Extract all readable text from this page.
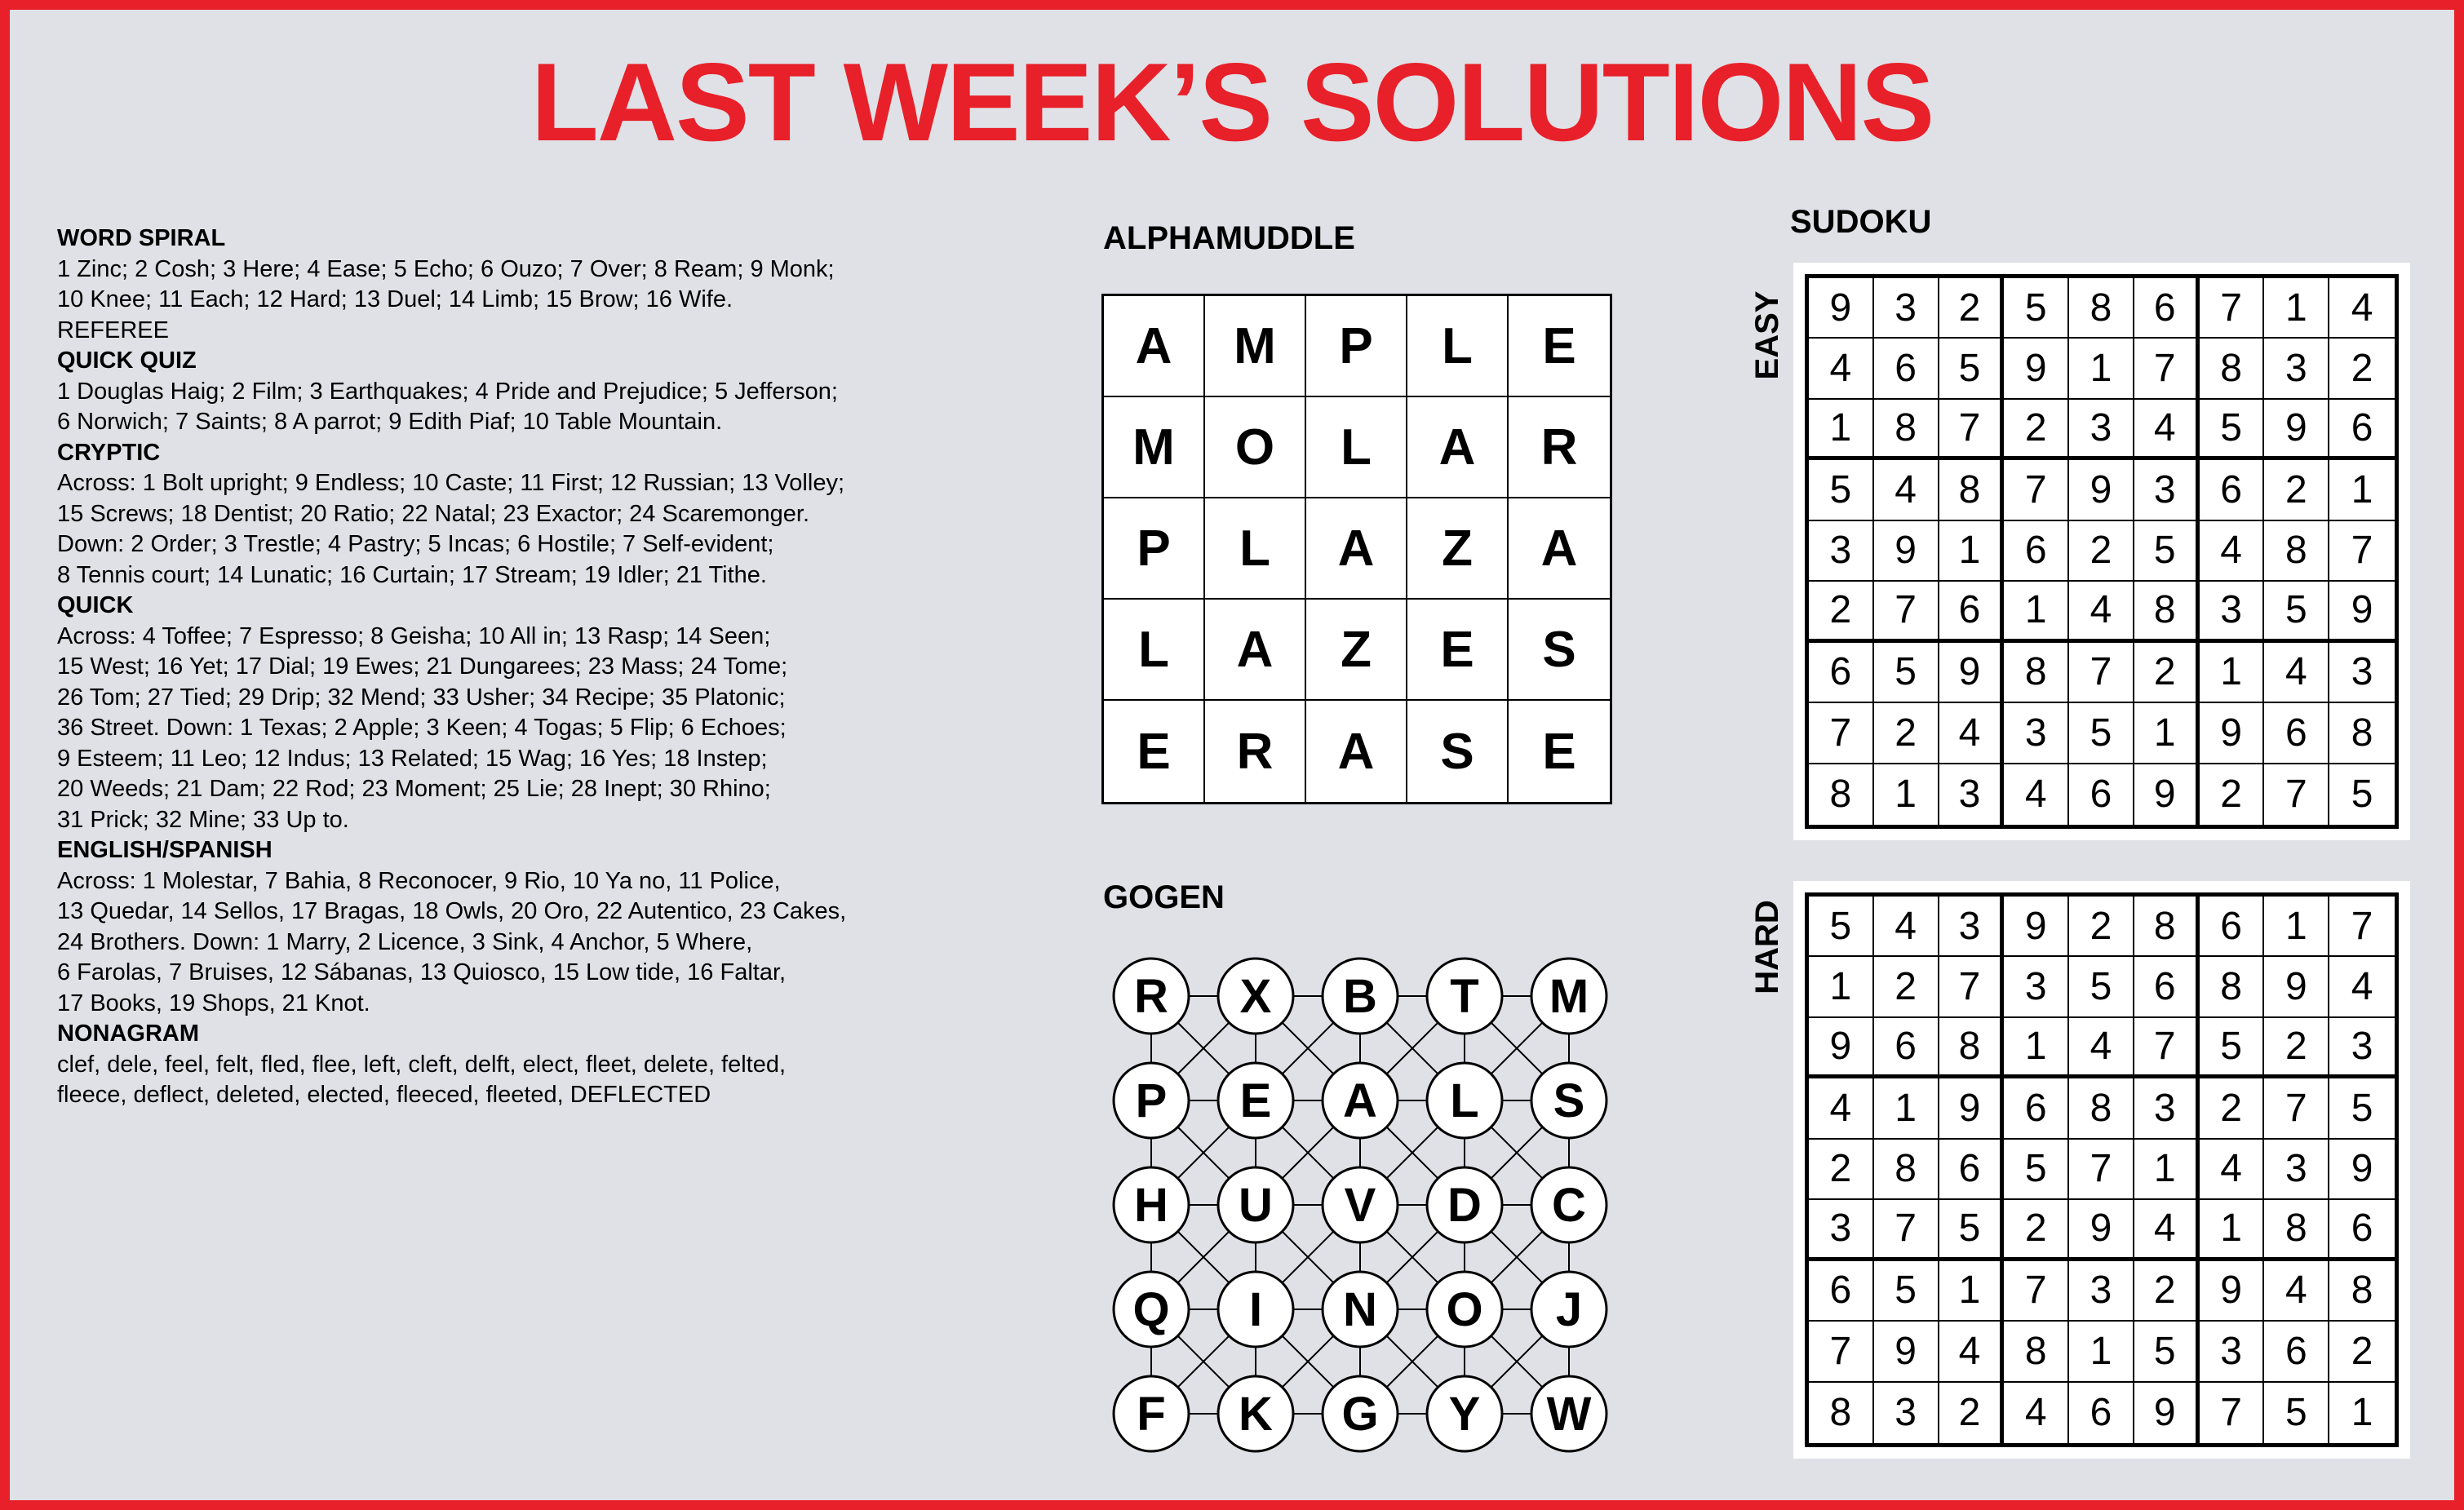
LAST WEEK’S SOLUTIONS
WORD SPIRAL
1 Zinc; 2 Cosh; 3 Here; 4 Ease; 5 Echo; 6 Ouzo; 7 Over; 8 Ream; 9 Monk;
10 Knee; 11 Each; 12 Hard; 13 Duel; 14 Limb; 15 Brow; 16 Wife.
REFEREE
QUICK QUIZ
1 Douglas Haig; 2 Film; 3 Earthquakes; 4 Pride and Prejudice; 5 Jefferson;
6 Norwich; 7 Saints; 8 A parrot; 9 Edith Piaf; 10 Table Mountain.
CRYPTIC
Across: 1 Bolt upright; 9 Endless; 10 Caste; 11 First; 12 Russian; 13 Volley;
15 Screws; 18 Dentist; 20 Ratio; 22 Natal; 23 Exactor; 24 Scaremonger.
Down: 2 Order; 3 Trestle; 4 Pastry; 5 Incas; 6 Hostile; 7 Self-evident;
8 Tennis court; 14 Lunatic; 16 Curtain; 17 Stream; 19 Idler; 21 Tithe.
QUICK
Across: 4 Toffee; 7 Espresso; 8 Geisha; 10 All in; 13 Rasp; 14 Seen;
15 West; 16 Yet; 17 Dial; 19 Ewes; 21 Dungarees; 23 Mass; 24 Tome;
26 Tom; 27 Tied; 29 Drip; 32 Mend; 33 Usher; 34 Recipe; 35 Platonic;
36 Street. Down: 1 Texas; 2 Apple; 3 Keen; 4 Togas; 5 Flip; 6 Echoes;
9 Esteem; 11 Leo; 12 Indus; 13 Related; 15 Wag; 16 Yes; 18 Instep;
20 Weeds; 21 Dam; 22 Rod; 23 Moment; 25 Lie; 28 Inept; 30 Rhino;
31 Prick; 32 Mine; 33 Up to.
ENGLISH/SPANISH
Across: 1 Molestar, 7 Bahia, 8 Reconocer, 9 Rio, 10 Ya no, 11 Police,
13 Quedar, 14 Sellos, 17 Bragas, 18 Owls, 20 Oro, 22 Autentico, 23 Cakes,
24 Brothers. Down: 1 Marry, 2 Licence, 3 Sink, 4 Anchor, 5 Where,
6 Farolas, 7 Bruises, 12 Sábanas, 13 Quiosco, 15 Low tide, 16 Faltar,
17 Books, 19 Shops, 21 Knot.
NONAGRAM
clef, dele, feel, felt, fled, flee, left, cleft, delft, elect, fleet, delete, felted,
fleece, deflect, deleted, elected, fleeced, fleeted, DEFLECTED
ALPHAMUDDLE
A	M	P	L	E
M	O	L	A	R
P	L	A	Z	A
L	A	Z	E	S
E	R	A	S	E
GOGEN
R X B T M
P E A L S
H U V D C
Q I N O J
F K G Y W
SUDOKU
EASY	9	3	2	5	8	6	7	1	4
4	6	5	9	1	7	8	3	2
1	8	7	2	3	4	5	9	6
5	4	8	7	9	3	6	2	1
3	9	1	6	2	5	4	8	7
2	7	6	1	4	8	3	5	9
6	5	9	8	7	2	1	4	3
7	2	4	3	5	1	9	6	8
8	1	3	4	6	9	2	7	5
HARD	5	4	3	9	2	8	6	1	7
1	2	7	3	5	6	8	9	4
9	6	8	1	4	7	5	2	3
4	1	9	6	8	3	2	7	5
2	8	6	5	7	1	4	3	9
3	7	5	2	9	4	1	8	6
6	5	1	7	3	2	9	4	8
7	9	4	8	1	5	3	6	2
8	3	2	4	6	9	7	5	1
